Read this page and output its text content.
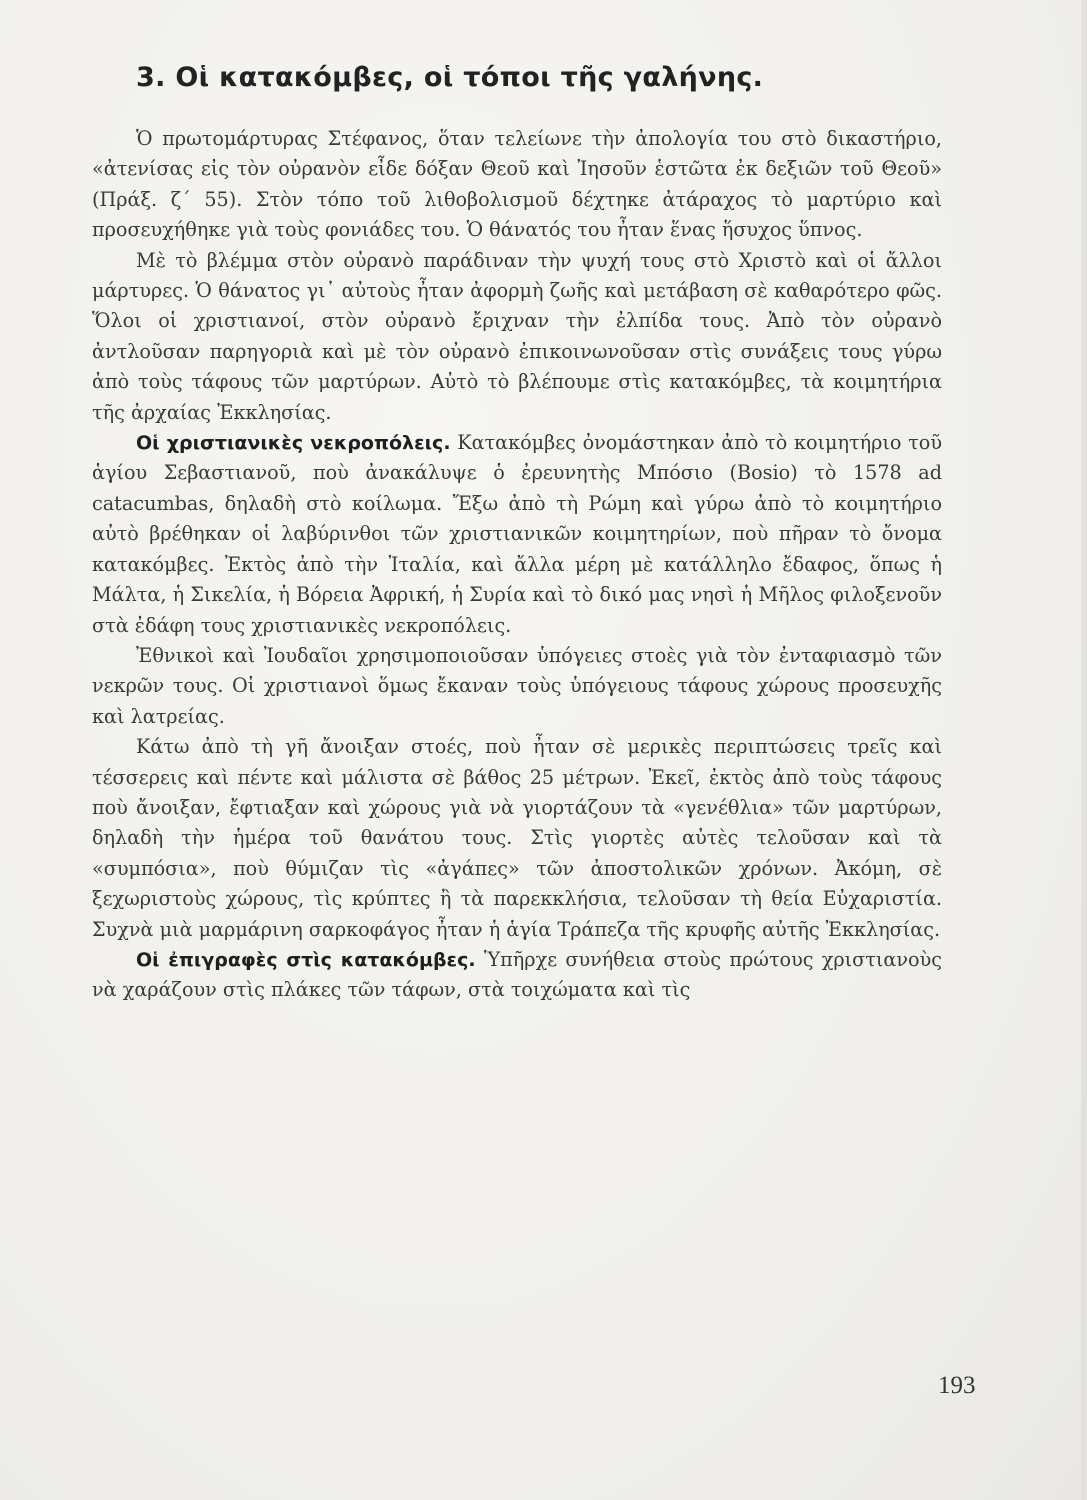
3. Οἱ κατακόμβες, οἱ τόποι τῆς γαλήνης.

Ὁ πρωτομάρτυρας Στέφανος, ὅταν τελείωνε τὴν ἀπολογία του στὸ δικαστήριο, «ἀτενίσας εἰς τὸν οὐρανὸν εἶδε δόξαν Θεοῦ καὶ Ἰησοῦν ἑστῶτα ἐκ δεξιῶν τοῦ Θεοῦ» (Πράξ. ζ΄ 55). Στὸν τόπο τοῦ λιθοβολισμοῦ δέχτηκε ἀτάραχος τὸ μαρτύριο καὶ προσευχήθηκε γιὰ τοὺς φονιάδες του. Ὁ θάνατός του ἦταν ἕνας ἥσυχος ὕπνος.

Μὲ τὸ βλέμμα στὸν οὐρανὸ παράδιναν τὴν ψυχή τους στὸ Χριστὸ καὶ οἱ ἄλλοι μάρτυρες. Ὁ θάνατος γι᾿ αὐτοὺς ἦταν ἀφορμὴ ζωῆς καὶ μετάβαση σὲ καθαρότερο φῶς. Ὅλοι οἱ χριστιανοί, στὸν οὐρανὸ ἔριχναν τὴν ἐλπίδα τους. Ἀπὸ τὸν οὐρανὸ ἀντλοῦσαν παρηγοριὰ καὶ μὲ τὸν οὐρανὸ ἐπικοινωνοῦσαν στὶς συνάξεις τους γύρω ἀπὸ τοὺς τάφους τῶν μαρτύρων. Αὐτὸ τὸ βλέπουμε στὶς κατακόμβες, τὰ κοιμητήρια τῆς ἀρχαίας Ἐκκλησίας.

Οἱ χριστιανικὲς νεκροπόλεις. Κατακόμβες ὀνομάστηκαν ἀπὸ τὸ κοιμητήριο τοῦ ἁγίου Σεβαστιανοῦ, ποὺ ἀνακάλυψε ὁ ἐρευνητὴς Μπόσιο (Bosio) τὸ 1578 ad catacumbas, δηλαδὴ στὸ κοίλωμα. Ἔξω ἀπὸ τὴ Ρώμη καὶ γύρω ἀπὸ τὸ κοιμητήριο αὐτὸ βρέθηκαν οἱ λαβύρινθοι τῶν χριστιανικῶν κοιμητηρίων, ποὺ πῆραν τὸ ὄνομα κατακόμβες. Ἐκτὸς ἀπὸ τὴν Ἰταλία, καὶ ἄλλα μέρη μὲ κατάλληλο ἔδαφος, ὅπως ἡ Μάλτα, ἡ Σικελία, ἡ Βόρεια Ἀφρική, ἡ Συρία καὶ τὸ δικό μας νησὶ ἡ Μῆλος φιλοξενοῦν στὰ ἐδάφη τους χριστιανικὲς νεκροπόλεις.

Ἐθνικοὶ καὶ Ἰουδαῖοι χρησιμοποιοῦσαν ὑπόγειες στοὲς γιὰ τὸν ἐνταφιασμὸ τῶν νεκρῶν τους. Οἱ χριστιανοὶ ὅμως ἔκαναν τοὺς ὑπόγειους τάφους χώρους προσευχῆς καὶ λατρείας.

Κάτω ἀπὸ τὴ γῆ ἄνοιξαν στοές, ποὺ ἦταν σὲ μερικὲς περιπτώσεις τρεῖς καὶ τέσσερεις καὶ πέντε καὶ μάλιστα σὲ βάθος 25 μέτρων. Ἐκεῖ, ἐκτὸς ἀπὸ τοὺς τάφους ποὺ ἄνοιξαν, ἔφτιαξαν καὶ χώρους γιὰ νὰ γιορτάζουν τὰ «γενέθλια» τῶν μαρτύρων, δηλαδὴ τὴν ἡμέρα τοῦ θανάτου τους. Στὶς γιορτὲς αὐτὲς τελοῦσαν καὶ τὰ «συμπόσια», ποὺ θύμιζαν τὶς «ἀγάπες» τῶν ἀποστολικῶν χρόνων. Ἀκόμη, σὲ ξεχωριστοὺς χώρους, τὶς κρύπτες ἢ τὰ παρεκκλήσια, τελοῦσαν τὴ θεία Εὐχαριστία. Συχνὰ μιὰ μαρμάρινη σαρκοφάγος ἦταν ἡ ἁγία Τράπεζα τῆς κρυφῆς αὐτῆς Ἐκκλησίας.

Οἱ ἐπιγραφὲς στὶς κατακόμβες. Ὑπῆρχε συνήθεια στοὺς πρώτους χριστιανοὺς νὰ χαράζουν στὶς πλάκες τῶν τάφων, στὰ τοιχώματα καὶ τὶς

193
